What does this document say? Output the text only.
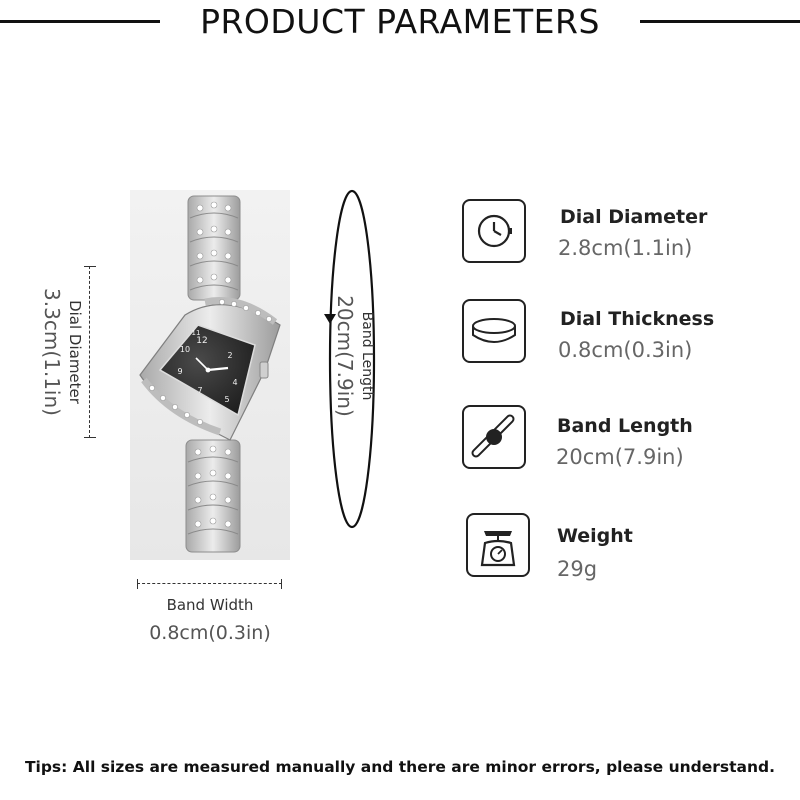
PRODUCT PARAMETERS
12
2
4
5
7
9
10
11
Dial Diameter
3.3cm(1.1in)	Band Length
20cm(7.9in)
Band Width
0.8cm(0.3in)
Dial Diameter
2.8cm(1.1in)
Dial Thickness
0.8cm(0.3in)
Band Length
20cm(7.9in)
Weight
29g
Tips: All sizes are measured manually and there are minor errors, please understand.
